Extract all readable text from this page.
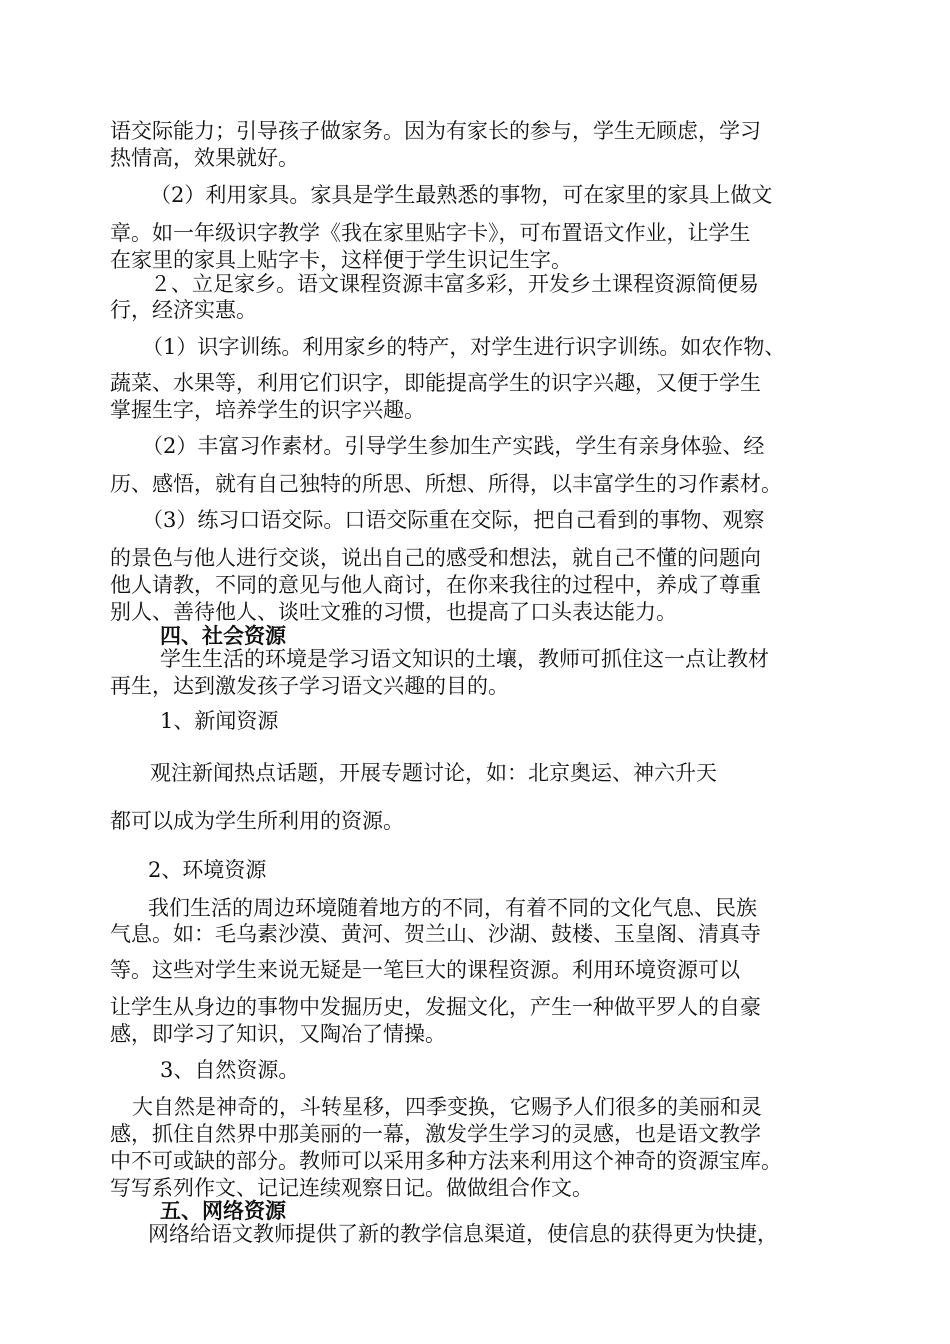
语交际能力；引导孩子做家务。因为有家长的参与，学生无顾虑，学习
热情高，效果就好。
（2）利用家具。家具是学生最熟悉的事物，可在家里的家具上做文
章。如一年级识字教学《我在家里贴字卡》，可布置语文作业，让学生
在家里的家具上贴字卡，这样便于学生识记生字。
２、立足家乡。语文课程资源丰富多彩，开发乡土课程资源简便易
行，经济实惠。
（1）识字训练。利用家乡的特产，对学生进行识字训练。如农作物、
蔬菜、水果等，利用它们识字，即能提高学生的识字兴趣，又便于学生
掌握生字，培养学生的识字兴趣。
（2）丰富习作素材。引导学生参加生产实践，学生有亲身体验、经
历、感悟，就有自己独特的所思、所想、所得，以丰富学生的习作素材。
（3）练习口语交际。口语交际重在交际，把自己看到的事物、观察
的景色与他人进行交谈，说出自己的感受和想法，就自己不懂的问题向
他人请教，不同的意见与他人商讨，在你来我往的过程中，养成了尊重
别人、善待他人、谈吐文雅的习惯，也提高了口头表达能力。
四、社会资源
学生生活的环境是学习语文知识的土壤，教师可抓住这一点让教材
再生，达到激发孩子学习语文兴趣的目的。
1、新闻资源
观注新闻热点话题，开展专题讨论，如：北京奥运、神六升天
都可以成为学生所利用的资源。
2、环境资源
我们生活的周边环境随着地方的不同，有着不同的文化气息、民族
气息。如：毛乌素沙漠、黄河、贺兰山、沙湖、鼓楼、玉皇阁、清真寺
等。这些对学生来说无疑是一笔巨大的课程资源。利用环境资源可以
让学生从身边的事物中发掘历史，发掘文化，产生一种做平罗人的自豪
感，即学习了知识，又陶冶了情操。
3、自然资源。
大自然是神奇的，斗转星移，四季变换，它赐予人们很多的美丽和灵
感，抓住自然界中那美丽的一幕，激发学生学习的灵感，也是语文教学
中不可或缺的部分。教师可以采用多种方法来利用这个神奇的资源宝库。
写写系列作文、记记连续观察日记。做做组合作文。
五、网络资源
网络给语文教师提供了新的教学信息渠道，使信息的获得更为快捷，
